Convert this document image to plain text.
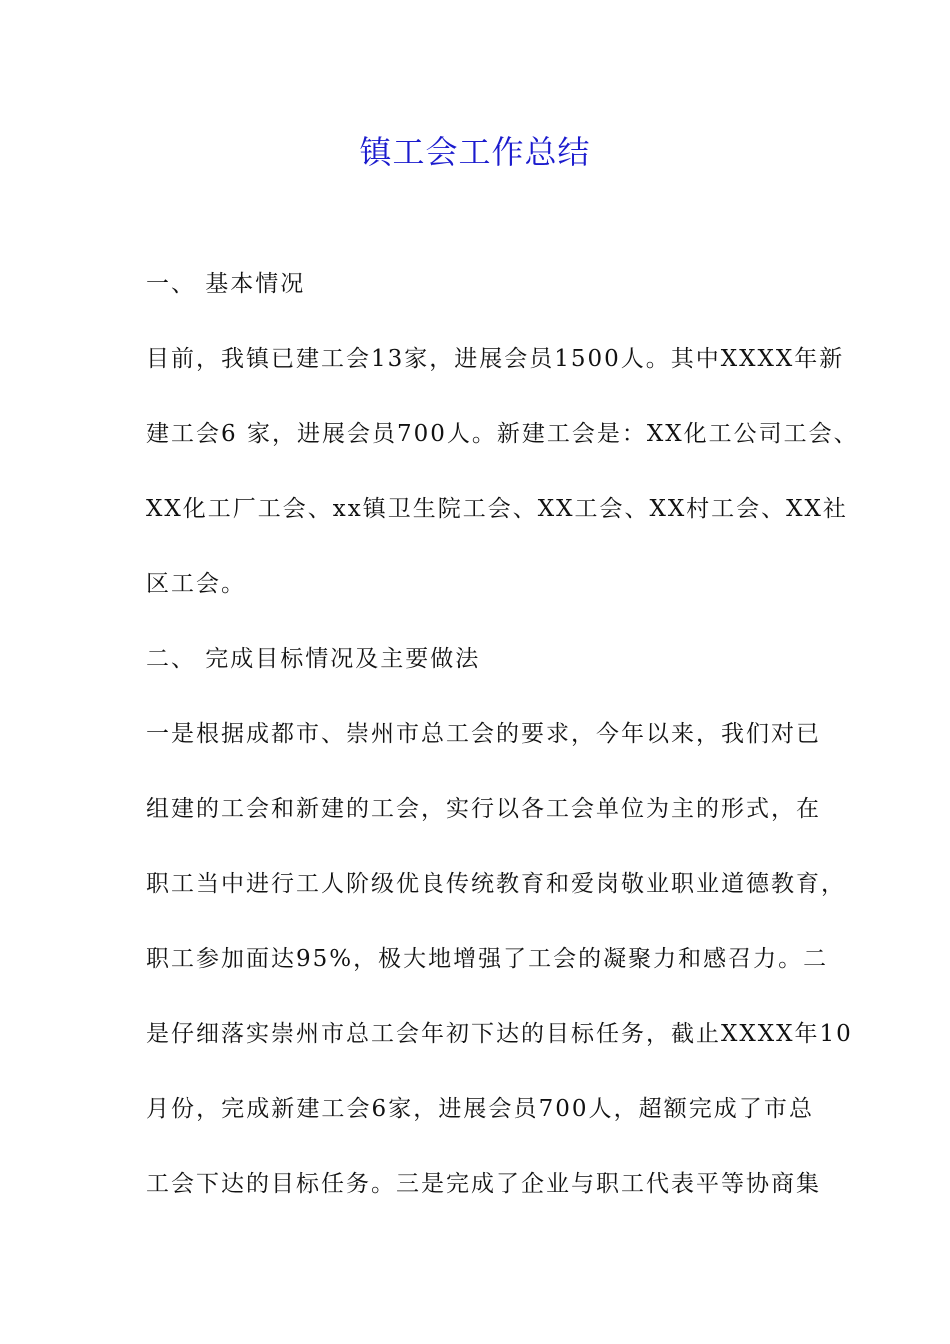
镇工会工作总结
一、 基本情况
目前，我镇已建工会13家，进展会员1500人。其中XXXX年新
建工会6 家，进展会员700人。新建工会是：XX化工公司工会、
XX化工厂工会、xx镇卫生院工会、XX工会、XX村工会、XX社
区工会。
二、 完成目标情况及主要做法
一是根据成都市、崇州市总工会的要求，今年以来，我们对已
组建的工会和新建的工会，实行以各工会单位为主的形式，在
职工当中进行工人阶级优良传统教育和爱岗敬业职业道德教育，
职工参加面达95%，极大地增强了工会的凝聚力和感召力。二
是仔细落实崇州市总工会年初下达的目标任务，截止XXXX年10
月份，完成新建工会6家，进展会员700人，超额完成了市总
工会下达的目标任务。三是完成了企业与职工代表平等协商集
